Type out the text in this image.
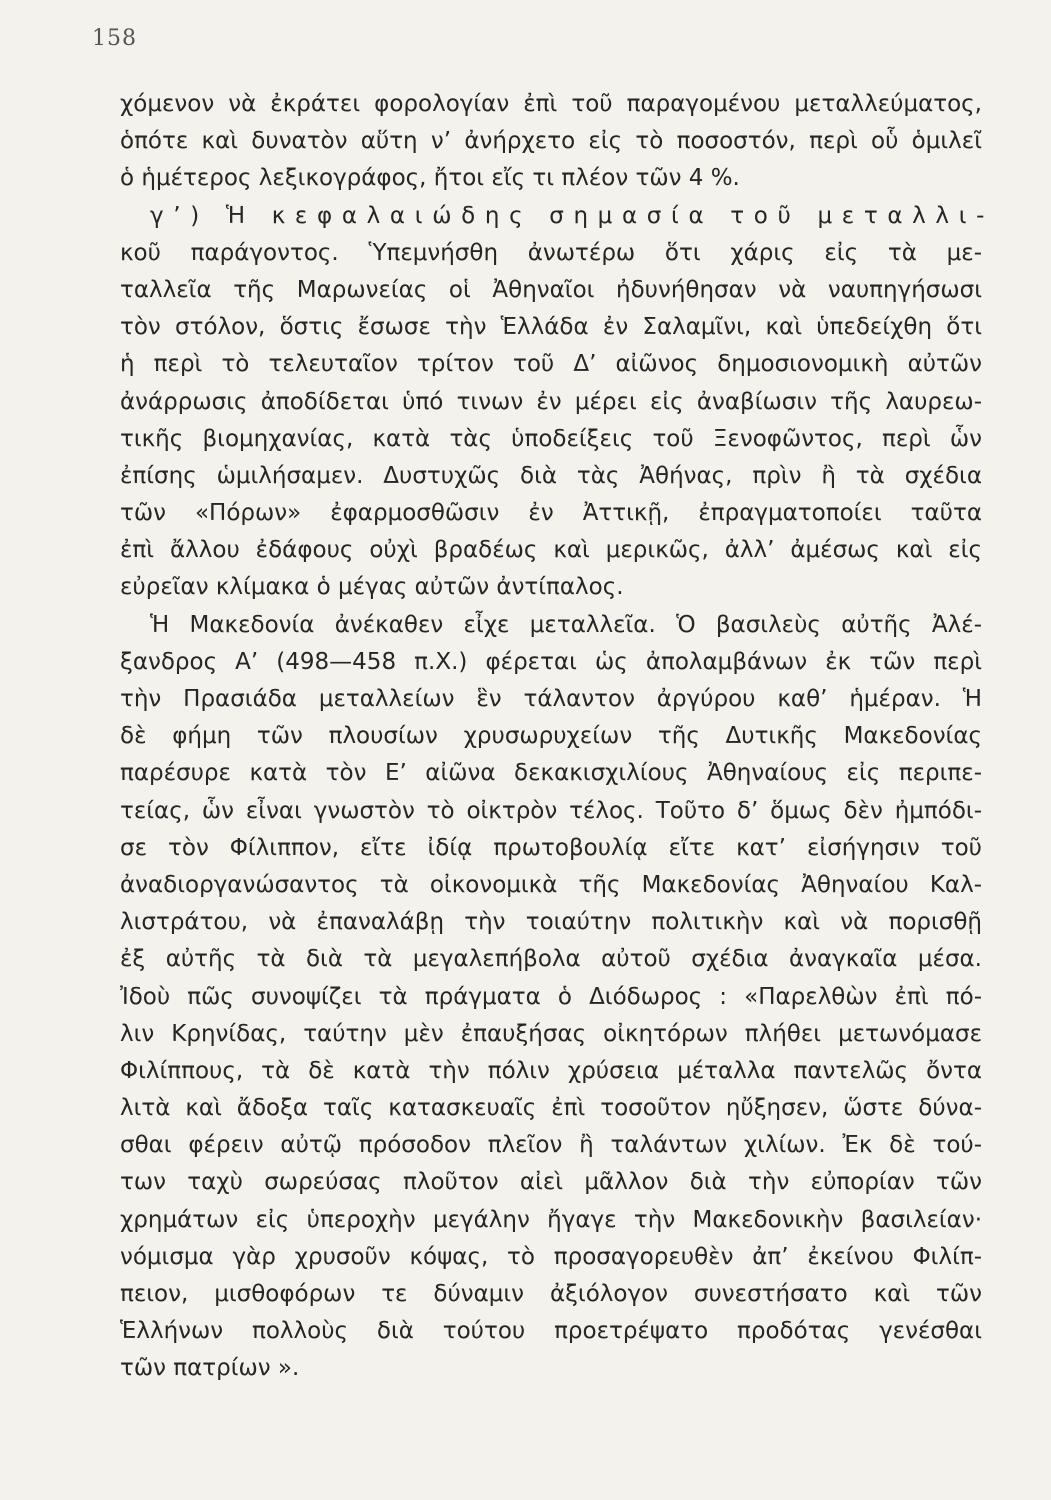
158
χόμενον νὰ ἐκράτει φορολογίαν ἐπὶ τοῦ παραγομένου μεταλλεύματος,
ὁπότε καὶ δυνατὸν αὕτη ν’ ἀνήρχετο εἰς τὸ ποσοστόν, περὶ οὗ ὁμιλεῖ
ὁ ἡμέτερος λεξικογράφος, ἤτοι εἴς τι πλέον τῶν 4 %.
γ’) Ἡ κεφαλαιώδης σημασία τοῦ μεταλλι-
κοῦ παράγοντος. Ὑπεμνήσθη ἀνωτέρω ὅτι χάρις εἰς τὰ με-
ταλλεῖα τῆς Μαρωνείας οἱ Ἀθηναῖοι ἠδυνήθησαν νὰ ναυπηγήσωσι
τὸν στόλον, ὅστις ἔσωσε τὴν Ἑλλάδα ἐν Σαλαμῖνι, καὶ ὑπεδείχθη ὅτι
ἡ περὶ τὸ τελευταῖον τρίτον τοῦ Δ’ αἰῶνος δημοσιονομικὴ αὐτῶν
ἀνάρρωσις ἀποδίδεται ὑπό τινων ἐν μέρει εἰς ἀναβίωσιν τῆς λαυρεω-
τικῆς βιομηχανίας, κατὰ τὰς ὑποδείξεις τοῦ Ξενοφῶντος, περὶ ὧν
ἐπίσης ὡμιλήσαμεν. Δυστυχῶς διὰ τὰς Ἀθήνας, πρὶν ἢ τὰ σχέδια
τῶν «Πόρων» ἐφαρμοσθῶσιν ἐν Ἀττικῇ, ἐπραγματοποίει ταῦτα
ἐπὶ ἄλλου ἐδάφους οὐχὶ βραδέως καὶ μερικῶς, ἀλλ’ ἀμέσως καὶ εἰς
εὐρεῖαν κλίμακα ὁ μέγας αὐτῶν ἀντίπαλος.
Ἡ Μακεδονία ἀνέκαθεν εἶχε μεταλλεῖα. Ὁ βασιλεὺς αὐτῆς Ἀλέ-
ξανδρος Α’ (498—458 π.Χ.) φέρεται ὡς ἀπολαμβάνων ἐκ τῶν περὶ
τὴν Πρασιάδα μεταλλείων ἓν τάλαντον ἀργύρου καθ’ ἡμέραν. Ἡ
δὲ φήμη τῶν πλουσίων χρυσωρυχείων τῆς Δυτικῆς Μακεδονίας
παρέσυρε κατὰ τὸν Ε’ αἰῶνα δεκακισχιλίους Ἀθηναίους εἰς περιπε-
τείας, ὧν εἶναι γνωστὸν τὸ οἰκτρὸν τέλος. Τοῦτο δ’ ὅμως δὲν ἠμπόδι-
σε τὸν Φίλιππον, εἴτε ἰδίᾳ πρωτοβουλίᾳ εἴτε κατ’ εἰσήγησιν τοῦ
ἀναδιοργανώσαντος τὰ οἰκονομικὰ τῆς Μακεδονίας Ἀθηναίου Καλ-
λιστράτου, νὰ ἐπαναλάβῃ τὴν τοιαύτην πολιτικὴν καὶ νὰ πορισθῇ
ἐξ αὐτῆς τὰ διὰ τὰ μεγαλεπήβολα αὐτοῦ σχέδια ἀναγκαῖα μέσα.
Ἰδοὺ πῶς συνοψίζει τὰ πράγματα ὁ Διόδωρος : «Παρελθὼν ἐπὶ πό-
λιν Κρηνίδας, ταύτην μὲν ἐπαυξήσας οἰκητόρων πλήθει μετωνόμασε
Φιλίππους, τὰ δὲ κατὰ τὴν πόλιν χρύσεια μέταλλα παντελῶς ὄντα
λιτὰ καὶ ἄδοξα ταῖς κατασκευαῖς ἐπὶ τοσοῦτον ηὔξησεν, ὥστε δύνα-
σθαι φέρειν αὐτῷ πρόσοδον πλεῖον ἢ ταλάντων χιλίων. Ἐκ δὲ τού-
των ταχὺ σωρεύσας πλοῦτον αἰεὶ μᾶλλον διὰ τὴν εὐπορίαν τῶν
χρημάτων εἰς ὑπεροχὴν μεγάλην ἤγαγε τὴν Μακεδονικὴν βασιλείαν·
νόμισμα γὰρ χρυσοῦν κόψας, τὸ προσαγορευθὲν ἀπ’ ἐκείνου Φιλίπ-
πειον, μισθοφόρων τε δύναμιν ἀξιόλογον συνεστήσατο καὶ τῶν
Ἑλλήνων πολλοὺς διὰ τούτου προετρέψατο προδότας γενέσθαι
τῶν πατρίων ».
